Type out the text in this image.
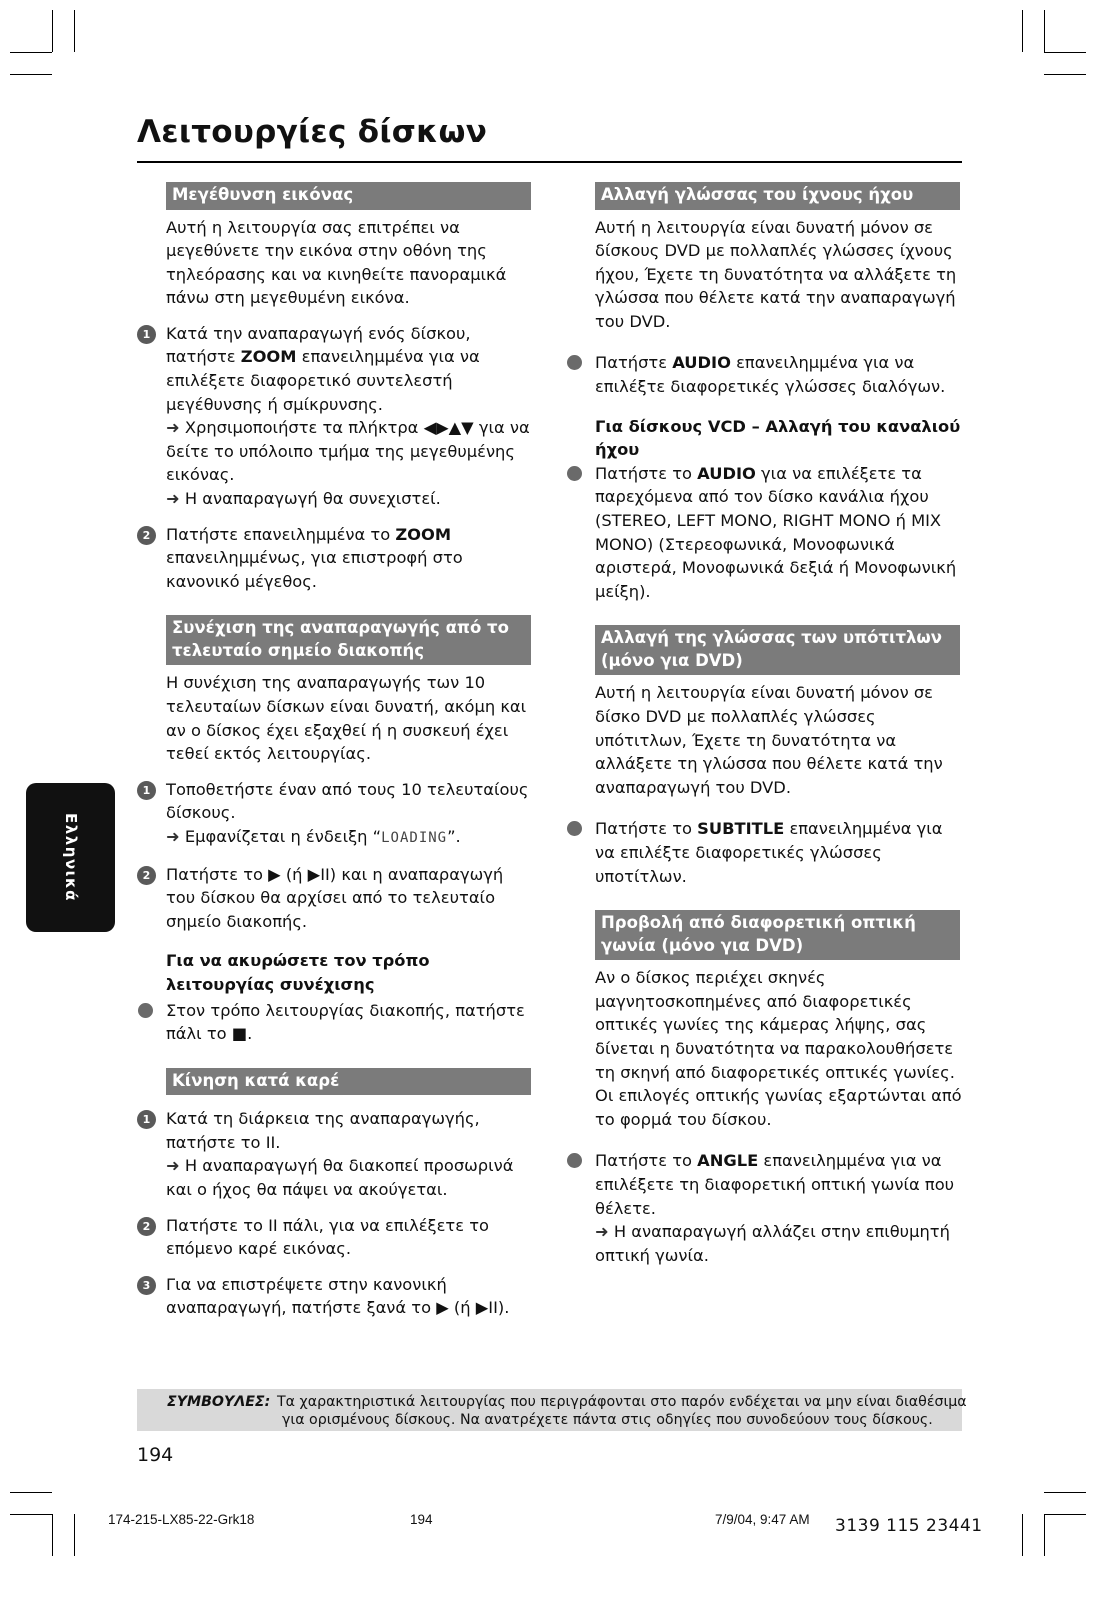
Λειτουργίες δίσκων
Ελληνικά
Μεγέθυνση εικόνας
Αυτή η λειτουργία σας επιτρέπει να μεγεθύνετε την εικόνα στην οθόνη της τηλεόρασης και να κινηθείτε πανοραμικά πάνω στη μεγεθυμένη εικόνα.
1 Κατά την αναπαραγωγή ενός δίσκου, πατήστε ZOOM επανειλημμένα για να επιλέξετε διαφορετικό συντελεστή μεγέθυνσης ή σμίκρυνσης.
➜ Χρησιμοποιήστε τα πλήκτρα ◀▶▲▼ για να δείτε το υπόλοιπο τμήμα της μεγεθυμένης εικόνας.
➜ Η αναπαραγωγή θα συνεχιστεί.
2 Πατήστε επανειλημμένα το ZOOM επανειλημμένως, για επιστροφή στο κανονικό μέγεθος.
Συνέχιση της αναπαραγωγής από το τελευταίο σημείο διακοπής
Η συνέχιση της αναπαραγωγής των 10 τελευταίων δίσκων είναι δυνατή, ακόμη και αν ο δίσκος έχει εξαχθεί ή η συσκευή έχει τεθεί εκτός λειτουργίας.
1 Τοποθετήστε έναν από τους 10 τελευταίους δίσκους.
➜ Εμφανίζεται η ένδειξη “LOADING”.
2 Πατήστε το ▶ (ή ▶II) και η αναπαραγωγή του δίσκου θα αρχίσει από το τελευταίο σημείο διακοπής.
Για να ακυρώσετε τον τρόπο λειτουργίας συνέχισης
Στον τρόπο λειτουργίας διακοπής, πατήστε πάλι το ■.
Κίνηση κατά καρέ
1 Κατά τη διάρκεια της αναπαραγωγής, πατήστε το II.
➜ Η αναπαραγωγή θα διακοπεί προσωρινά και ο ήχος θα πάψει να ακούγεται.
2 Πατήστε το II πάλι, για να επιλέξετε το επόμενο καρέ εικόνας.
3 Για να επιστρέψετε στην κανονική αναπαραγωγή, πατήστε ξανά το ▶ (ή ▶II).
Αλλαγή γλώσσας του ίχνους ήχου
Αυτή η λειτουργία είναι δυνατή μόνον σε δίσκους DVD με πολλαπλές γλώσσες ίχνους ήχου, Έχετε τη δυνατότητα να αλλάξετε τη γλώσσα που θέλετε κατά την αναπαραγωγή του DVD.
Πατήστε AUDIO επανειλημμένα για να επιλέξτε διαφορετικές γλώσσες διαλόγων.
Για δίσκους VCD – Αλλαγή του καναλιού ήχου
Πατήστε το AUDIO για να επιλέξετε τα παρεχόμενα από τον δίσκο κανάλια ήχου (STEREO, LEFT MONO, RIGHT MONO ή MIX MONO) (Στερεοφωνικά, Μονοφωνικά αριστερά, Μονοφωνικά δεξιά ή Μονοφωνική μείξη).
Αλλαγή της γλώσσας των υπότιτλων (μόνο για DVD)
Αυτή η λειτουργία είναι δυνατή μόνον σε δίσκο DVD με πολλαπλές γλώσσες υπότιτλων, Έχετε τη δυνατότητα να αλλάξετε τη γλώσσα που θέλετε κατά την αναπαραγωγή του DVD.
Πατήστε το SUBTITLE επανειλημμένα για να επιλέξτε διαφορετικές γλώσσες υποτίτλων.
Προβολή από διαφορετική οπτική γωνία (μόνο για DVD)
Αν ο δίσκος περιέχει σκηνές μαγνητοσκοπημένες από διαφορετικές οπτικές γωνίες της κάμερας λήψης, σας δίνεται η δυνατότητα να παρακολουθήσετε τη σκηνή από διαφορετικές οπτικές γωνίες. Οι επιλογές οπτικής γωνίας εξαρτώνται από το φορμά του δίσκου.
Πατήστε το ANGLE επανειλημμένα για να επιλέξετε τη διαφορετική οπτική γωνία που θέλετε.
➜ Η αναπαραγωγή αλλάζει στην επιθυμητή οπτική γωνία.
ΣΥΜΒΟΥΛΕΣ: Τα χαρακτηριστικά λειτουργίας που περιγράφονται στο παρόν ενδέχεται να μην είναι διαθέσιμα
για ορισμένους δίσκους. Να ανατρέχετε πάντα στις οδηγίες που συνοδεύουν τους δίσκους.
194
174-215-LX85-22-Grk18	194	7/9/04, 9:47 AM 3139 115 23441
